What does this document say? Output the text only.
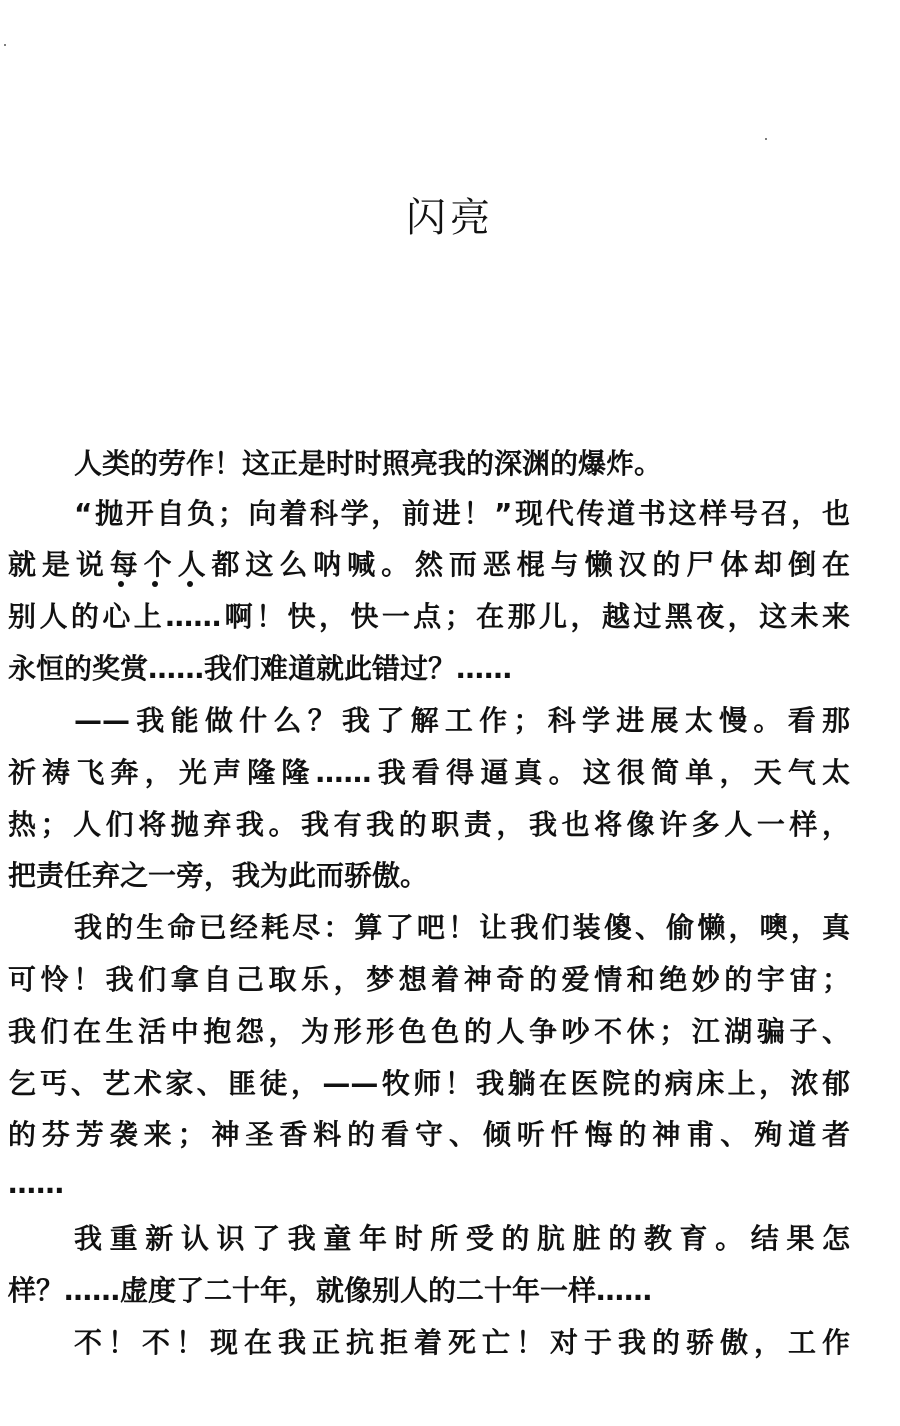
闪亮

人类的劳作！这正是时时照亮我的深渊的爆炸。

“抛开自负；向着科学，前进！”现代传道书这样号召，也

就是说每个人都这么呐喊。然而恶棍与懒汉的尸体却倒在

别人的心上……啊！快，快一点；在那儿，越过黑夜，这未来

永恒的奖赏……我们难道就此错过？……

——我能做什么？我了解工作；科学进展太慢。看那

祈祷飞奔，光声隆隆……我看得逼真。这很简单，天气太

热；人们将抛弃我。我有我的职责，我也将像许多人一样，

把责任弃之一旁，我为此而骄傲。

我的生命已经耗尽：算了吧！让我们装傻、偷懒，噢，真

可怜！我们拿自己取乐，梦想着神奇的爱情和绝妙的宇宙；

我们在生活中抱怨，为形形色色的人争吵不休；江湖骗子、

乞丐、艺术家、匪徒，——牧师！我躺在医院的病床上，浓郁

的芬芳袭来；神圣香料的看守、倾听忏悔的神甫、殉道者

……

我重新认识了我童年时所受的肮脏的教育。结果怎

样？……虚度了二十年，就像别人的二十年一样……

不！不！现在我正抗拒着死亡！对于我的骄傲，工作
